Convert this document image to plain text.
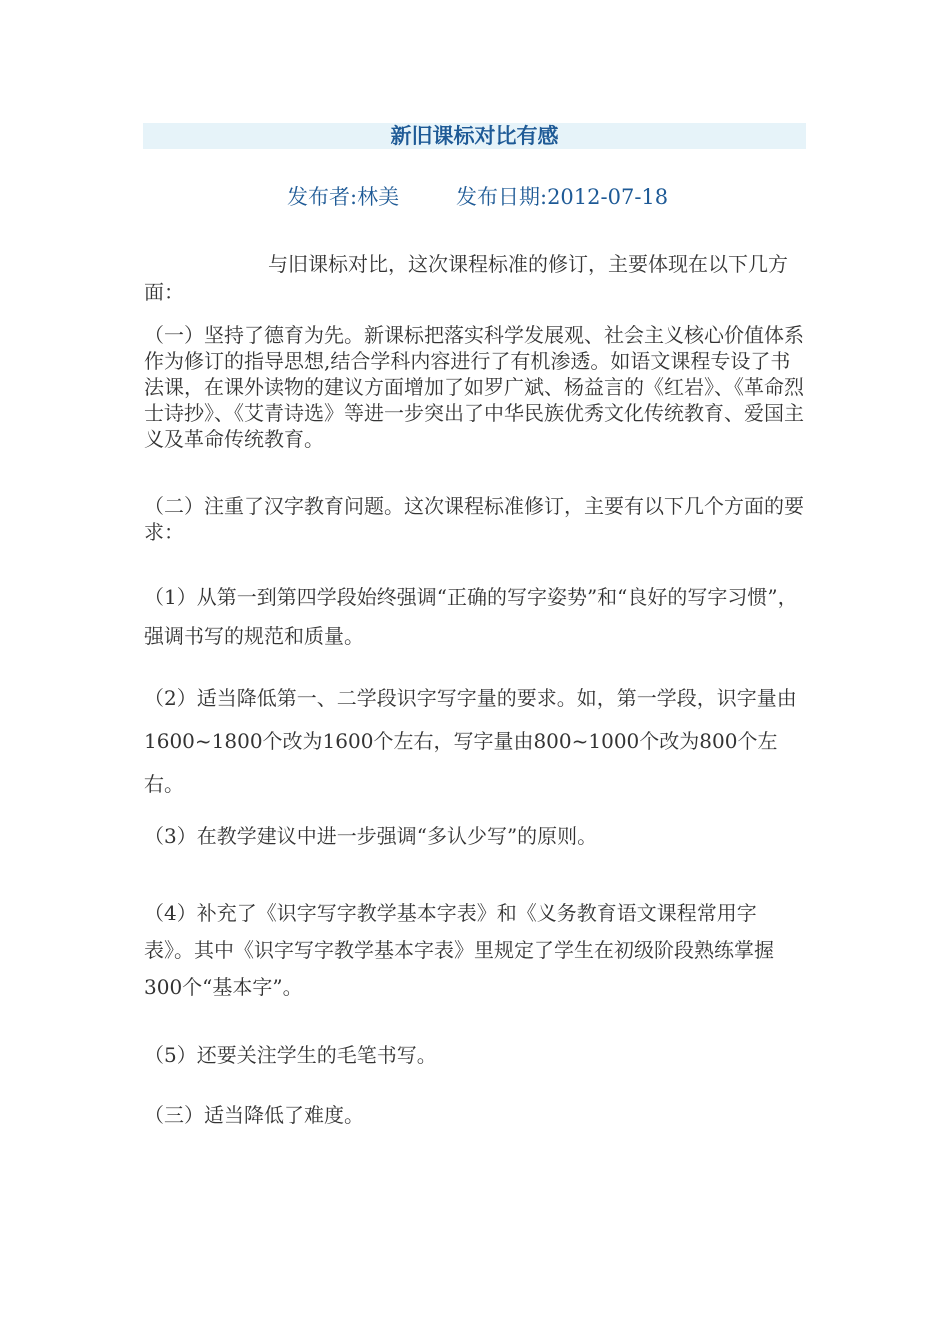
新旧课标对比有感
发布者:林美	发布日期:2012-07-18

与旧课标对比，这次课程标准的修订，主要体现在以下几方面：

（一）坚持了德育为先。新课标把落实科学发展观、社会主义核心价值体系作为修订的指导思想,结合学科内容进行了有机渗透。如语文课程专设了书法课，在课外读物的建议方面增加了如罗广斌、杨益言的《红岩》、《革命烈士诗抄》、《艾青诗选》等进一步突出了中华民族优秀文化传统教育、爱国主义及革命传统教育。

（二）注重了汉字教育问题。这次课程标准修订，主要有以下几个方面的要求：

（1）从第一到第四学段始终强调“正确的写字姿势”和“良好的写字习惯”，强调书写的规范和质量。

（2）适当降低第一、二学段识字写字量的要求。如，第一学段，识字量由1600~1800个改为1600个左右，写字量由800~1000个改为800个左右。

（3）在教学建议中进一步强调“多认少写”的原则。

（4）补充了《识字写字教学基本字表》和《义务教育语文课程常用字表》。其中《识字写字教学基本字表》里规定了学生在初级阶段熟练掌握300个“基本字”。

（5）还要关注学生的毛笔书写。

（三）适当降低了难度。
